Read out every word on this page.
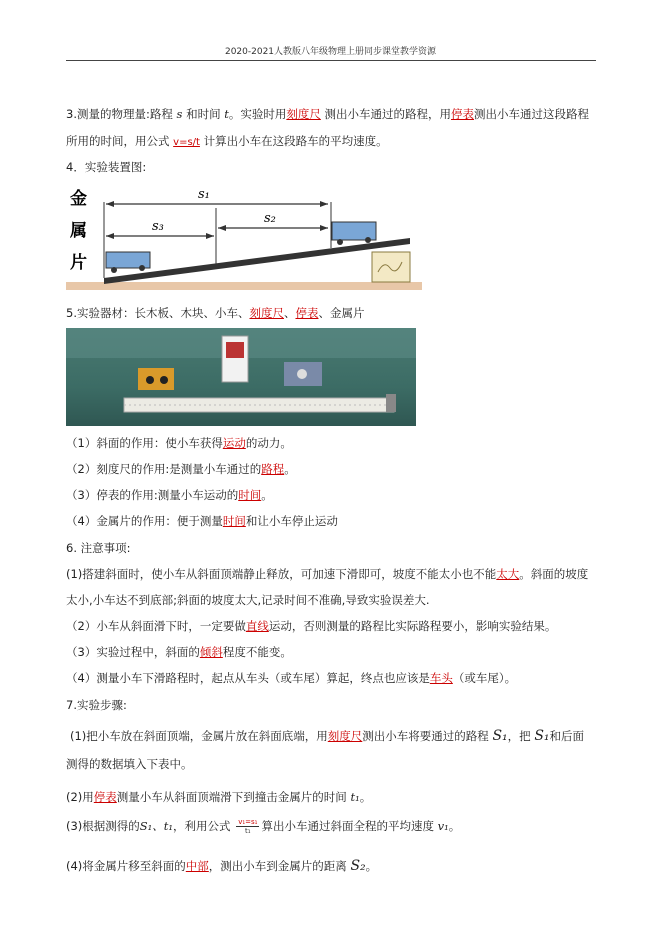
2020-2021人教版八年级物理上册同步课堂教学资源
3.测量的物理量:路程 s 和时间 t。实验时用刻度尺 测出小车通过的路程，用停表测出小车通过这段路程
所用的时间，用公式 v=s/t 计算出小车在这段路车的平均速度。
4．实验装置图:
s₁
s₃
s₂
金
属
片
5.实验器材：长木板、木块、小车、刻度尺、停表、金属片
（1）斜面的作用：使小车获得运动的动力。
（2）刻度尺的作用:是测量小车通过的路程。
（3）停表的作用:测量小车运动的时间。
（4）金属片的作用：便于测量时间和让小车停止运动
6. 注意事项:
(1)搭建斜面时，使小车从斜面顶端静止释放，可加速下滑即可，坡度不能太小也不能太大。斜面的坡度
太小,小车达不到底部;斜面的坡度太大,记录时间不准确,导致实验误差大.
（2）小车从斜面滑下时，一定要做直线运动，否则测量的路程比实际路程要小，影响实验结果。
（3）实验过程中，斜面的倾斜程度不能变。
（4）测量小车下滑路程时，起点从车头（或车尾）算起，终点也应该是车头（或车尾）。
7.实验步骤:
(1)把小车放在斜面顶端，金属片放在斜面底端，用刻度尺测出小车将要通过的路程 S₁，把 S₁和后面
测得的数据填入下表中。
(2)用停表测量小车从斜面顶端滑下到撞击金属片的时间 t₁。
(3)根据测得的S₁、t₁，利用公式 $\frac{\text{v₁=s₁}}{\text{t₁}}$ 算出小车通过斜面全程的平均速度 v₁。
(4)将金属片移至斜面的中部，测出小车到金属片的距离 S₂。
